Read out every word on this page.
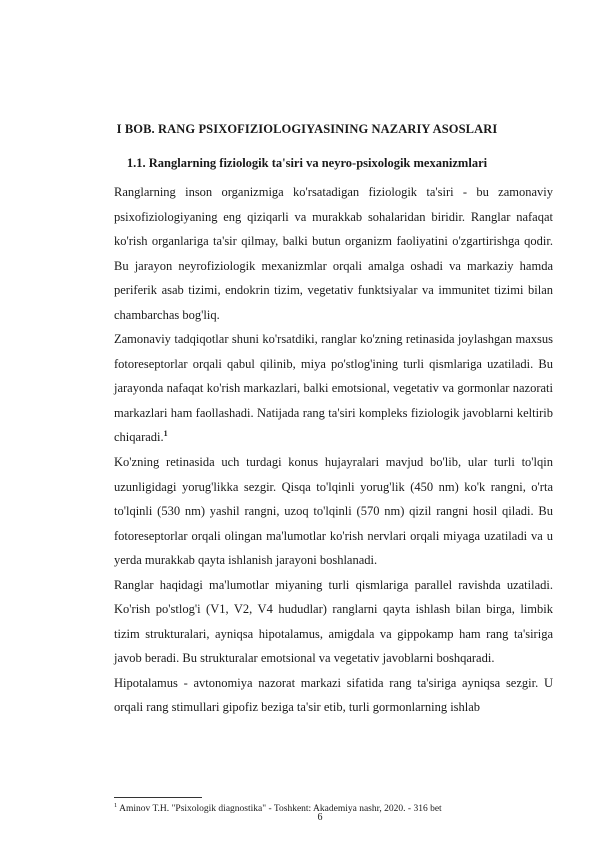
I BOB. RANG PSIXOFIZIOLOGIYASINING NAZARIY ASOSLARI
1.1. Ranglarning fiziologik ta'siri va neyro-psixologik mexanizmlari

Ranglarning inson organizmiga ko'rsatadigan fiziologik ta'siri - bu zamonaviy psixofiziologiyaning eng qiziqarli va murakkab sohalaridan biridir. Ranglar nafaqat ko'rish organlariga ta'sir qilmay, balki butun organizm faoliyatini o'zgartirishga qodir. Bu jarayon neyrofiziologik mexanizmlar orqali amalga oshadi va markaziy hamda periferik asab tizimi, endokrin tizim, vegetativ funktsiyalar va immunitet tizimi bilan chambarchas bog'liq.

Zamonaviy tadqiqotlar shuni ko'rsatdiki, ranglar ko'zning retinasida joylashgan maxsus fotoreseptorlar orqali qabul qilinib, miya po'stlog'ining turli qismlariga uzatiladi. Bu jarayonda nafaqat ko'rish markazlari, balki emotsional, vegetativ va gormonlar nazorati markazlari ham faollashadi. Natijada rang ta'siri kompleks fiziologik javoblarni keltirib chiqaradi.$^1$

Ko'zning retinasida uch turdagi konus hujayralari mavjud bo'lib, ular turli to'lqin uzunligidagi yorug'likka sezgir. Qisqa to'lqinli yorug'lik (450 nm) ko'k rangni, o'rta to'lqinli (530 nm) yashil rangni, uzoq to'lqinli (570 nm) qizil rangni hosil qiladi. Bu fotoreseptorlar orqali olingan ma'lumotlar ko'rish nervlari orqali miyaga uzatiladi va u yerda murakkab qayta ishlanish jarayoni boshlanadi.

Ranglar haqidagi ma'lumotlar miyaning turli qismlariga parallel ravishda uzatiladi. Ko'rish po'stlog'i (V1, V2, V4 hududlar) ranglarni qayta ishlash bilan birga, limbik tizim strukturalari, ayniqsa hipotalamus, amigdala va gippokamp ham rang ta'siriga javob beradi. Bu strukturalar emotsional va vegetativ javoblarni boshqaradi.

Hipotalamus - avtonomiya nazorat markazi sifatida rang ta'siriga ayniqsa sezgir. U orqali rang stimullari gipofiz beziga ta'sir etib, turli gormonlarning ishlab

$^1$ Aminov T.H. "Psixologik diagnostika" - Toshkent: Akademiya nashr, 2020. - 316 bet
6
